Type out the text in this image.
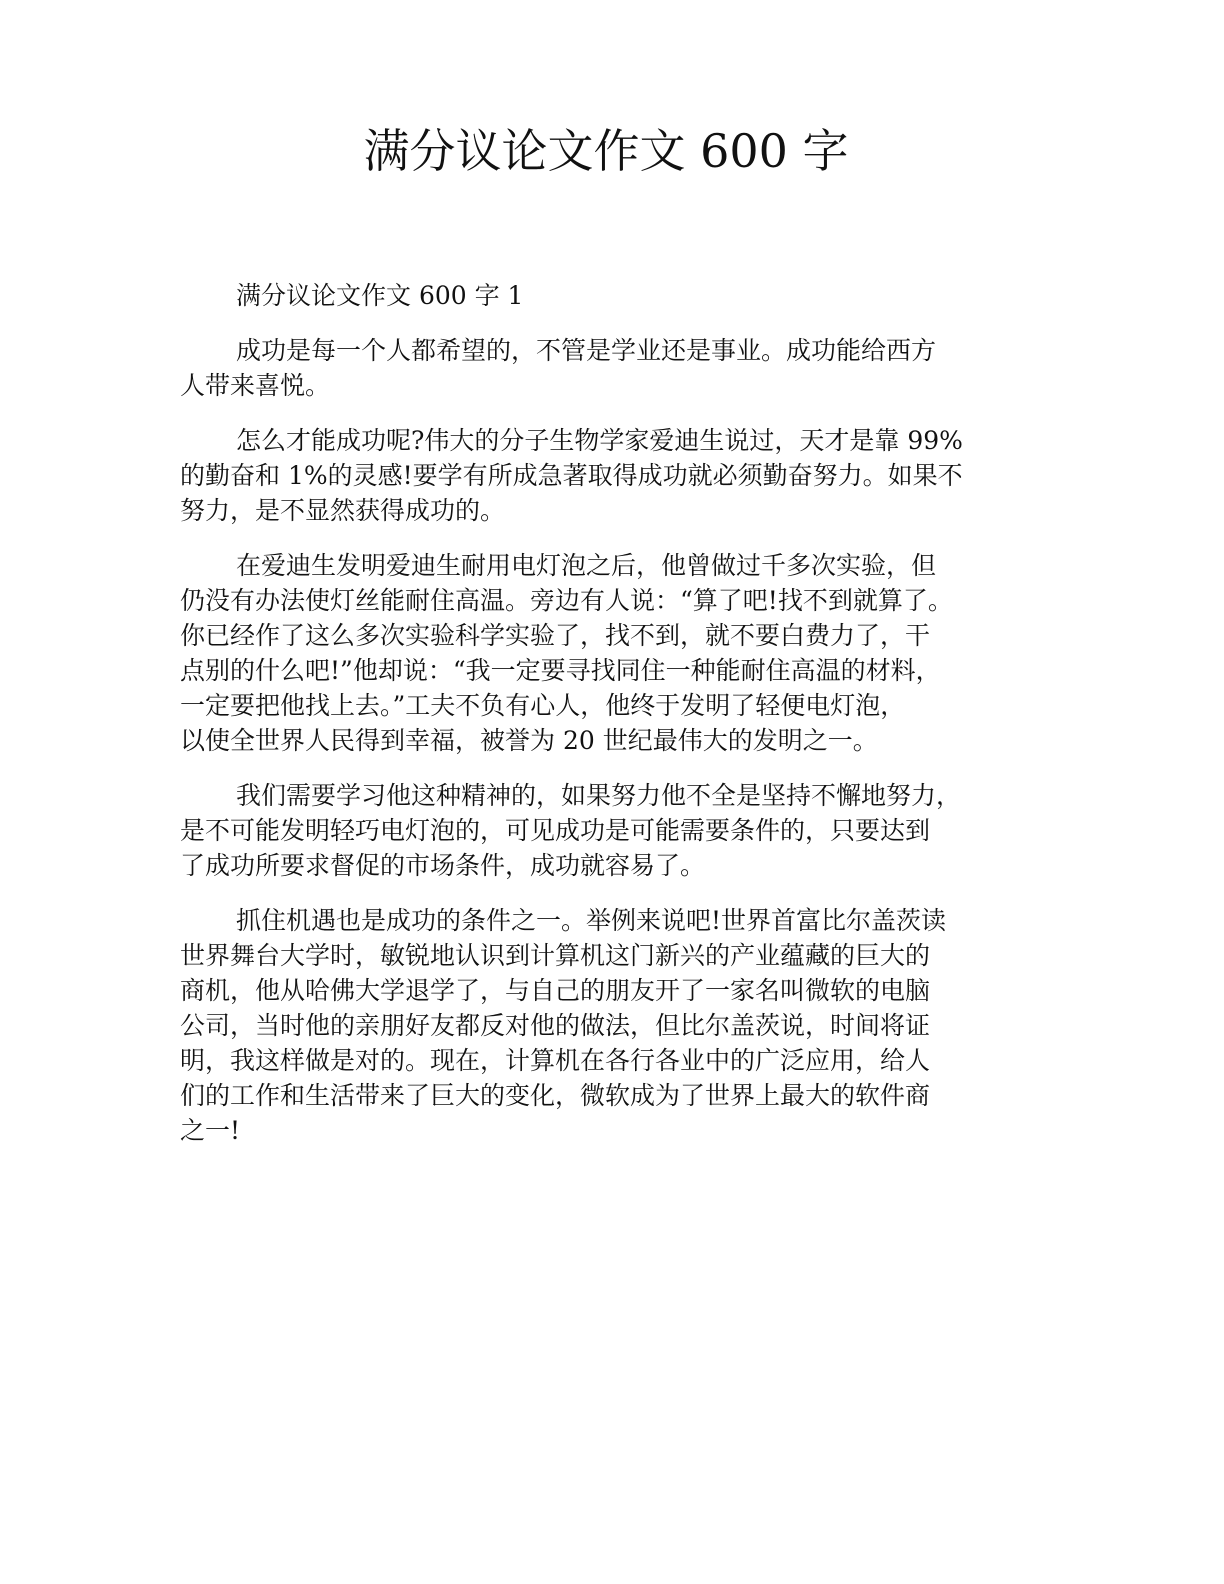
满分议论文作文 600 字

满分议论文作文 600 字 1

成功是每一个人都希望的，不管是学业还是事业。成功能给西方
人带来喜悦。

怎么才能成功呢?伟大的分子生物学家爱迪生说过，天才是靠 99%
的勤奋和 1%的灵感!要学有所成急著取得成功就必须勤奋努力。如果不
努力，是不显然获得成功的。

在爱迪生发明爱迪生耐用电灯泡之后，他曾做过千多次实验，但
仍没有办法使灯丝能耐住高温。旁边有人说：“算了吧!找不到就算了。
你已经作了这么多次实验科学实验了，找不到，就不要白费力了，干
点别的什么吧!”他却说：“我一定要寻找同住一种能耐住高温的材料，
一定要把他找上去。”工夫不负有心人，他终于发明了轻便电灯泡，
以使全世界人民得到幸福，被誉为 20 世纪最伟大的发明之一。

我们需要学习他这种精神的，如果努力他不全是坚持不懈地努力，
是不可能发明轻巧电灯泡的，可见成功是可能需要条件的，只要达到
了成功所要求督促的市场条件，成功就容易了。

抓住机遇也是成功的条件之一。举例来说吧!世界首富比尔盖茨读
世界舞台大学时，敏锐地认识到计算机这门新兴的产业蕴藏的巨大的
商机，他从哈佛大学退学了，与自己的朋友开了一家名叫微软的电脑
公司，当时他的亲朋好友都反对他的做法，但比尔盖茨说，时间将证
明，我这样做是对的。现在，计算机在各行各业中的广泛应用，给人
们的工作和生活带来了巨大的变化，微软成为了世界上最大的软件商
之一!
